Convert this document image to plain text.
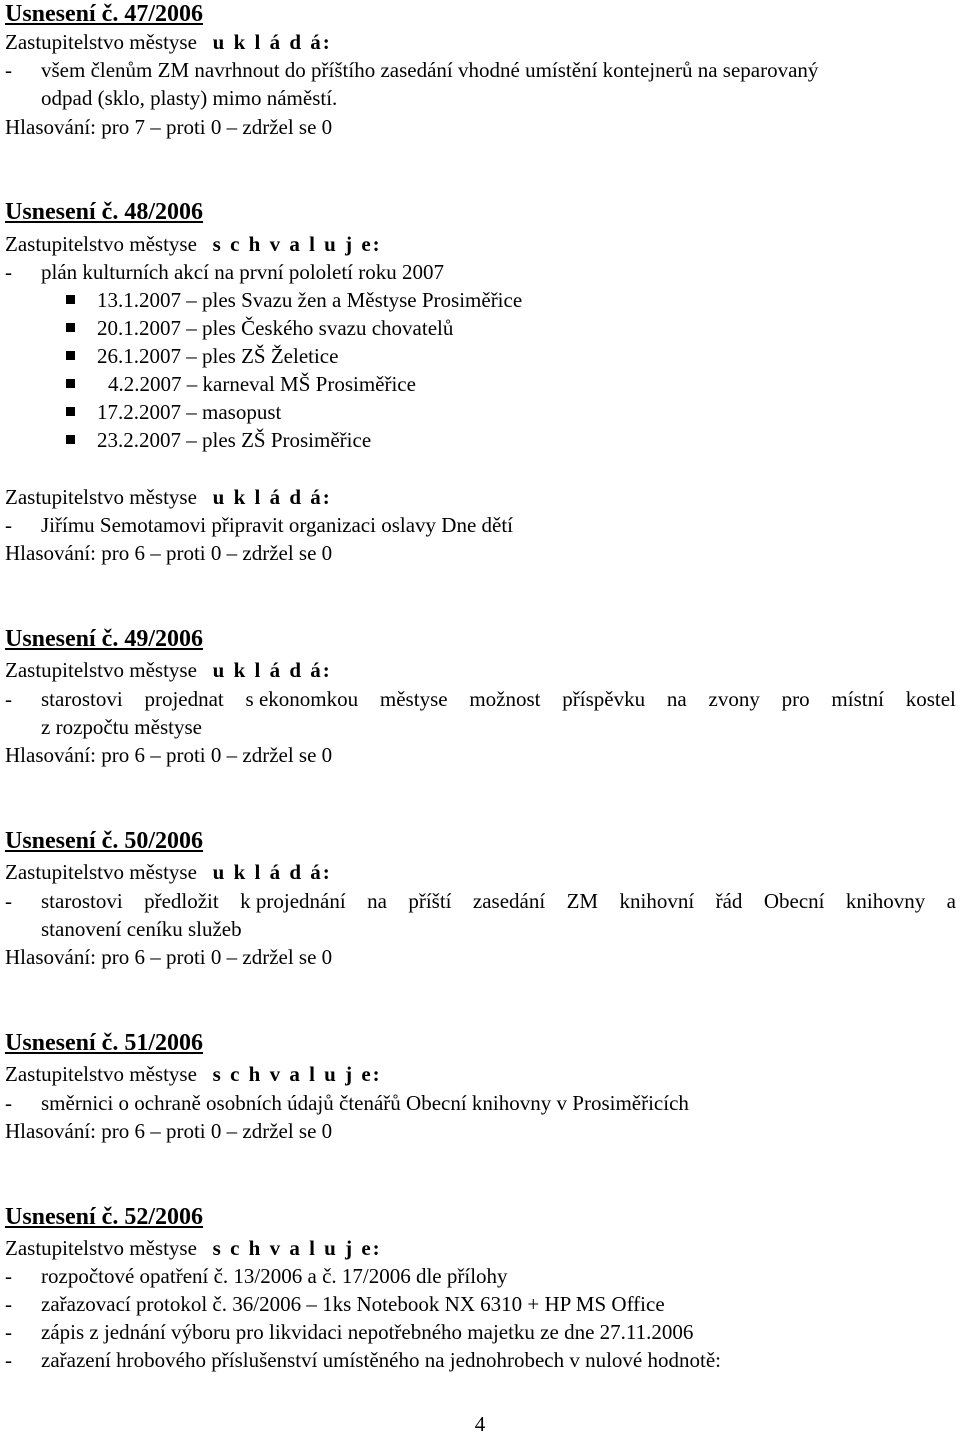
Usnesení č. 47/2006
Zastupitelstvo městyse u k l á d á:
- všem členům ZM navrhnout do příštího zasedání vhodné umístění kontejnerů na separovaný
odpad (sklo, plasty) mimo náměstí.
Hlasování: pro 7 – proti 0 – zdržel se 0
Usnesení č. 48/2006
Zastupitelstvo městyse s c h v a l u j e:
- plán kulturních akcí na první pololetí roku 2007
13.1.2007 – ples Svazu žen a Městyse Prosiměřice
20.1.2007 – ples Českého svazu chovatelů
26.1.2007 – ples ZŠ Želetice
4.2.2007 – karneval MŠ Prosiměřice
17.2.2007 – masopust
23.2.2007 – ples ZŠ Prosiměřice
Zastupitelstvo městyse u k l á d á:
- Jiřímu Semotamovi připravit organizaci oslavy Dne dětí
Hlasování: pro 6 – proti 0 – zdržel se 0
Usnesení č. 49/2006
Zastupitelstvo městyse u k l á d á:
-	starostovi projednat s ekonomkou městyse možnost příspěvku na zvony pro místní kostel
z rozpočtu městyse
Hlasování: pro 6 – proti 0 – zdržel se 0
Usnesení č. 50/2006
Zastupitelstvo městyse u k l á d á:
-	starostovi předložit k projednání na příští zasedání ZM knihovní řád Obecní knihovny a
stanovení ceníku služeb
Hlasování: pro 6 – proti 0 – zdržel se 0
Usnesení č. 51/2006
Zastupitelstvo městyse s c h v a l u j e:
- směrnici o ochraně osobních údajů čtenářů Obecní knihovny v Prosiměřicích
Hlasování: pro 6 – proti 0 – zdržel se 0
Usnesení č. 52/2006
Zastupitelstvo městyse s c h v a l u j e:
- rozpočtové opatření č. 13/2006 a č. 17/2006 dle přílohy
- zařazovací protokol č. 36/2006 – 1ks Notebook NX 6310 + HP MS Office
- zápis z jednání výboru pro likvidaci nepotřebného majetku ze dne 27.11.2006
- zařazení hrobového příslušenství umístěného na jednohrobech v nulové hodnotě:
4
